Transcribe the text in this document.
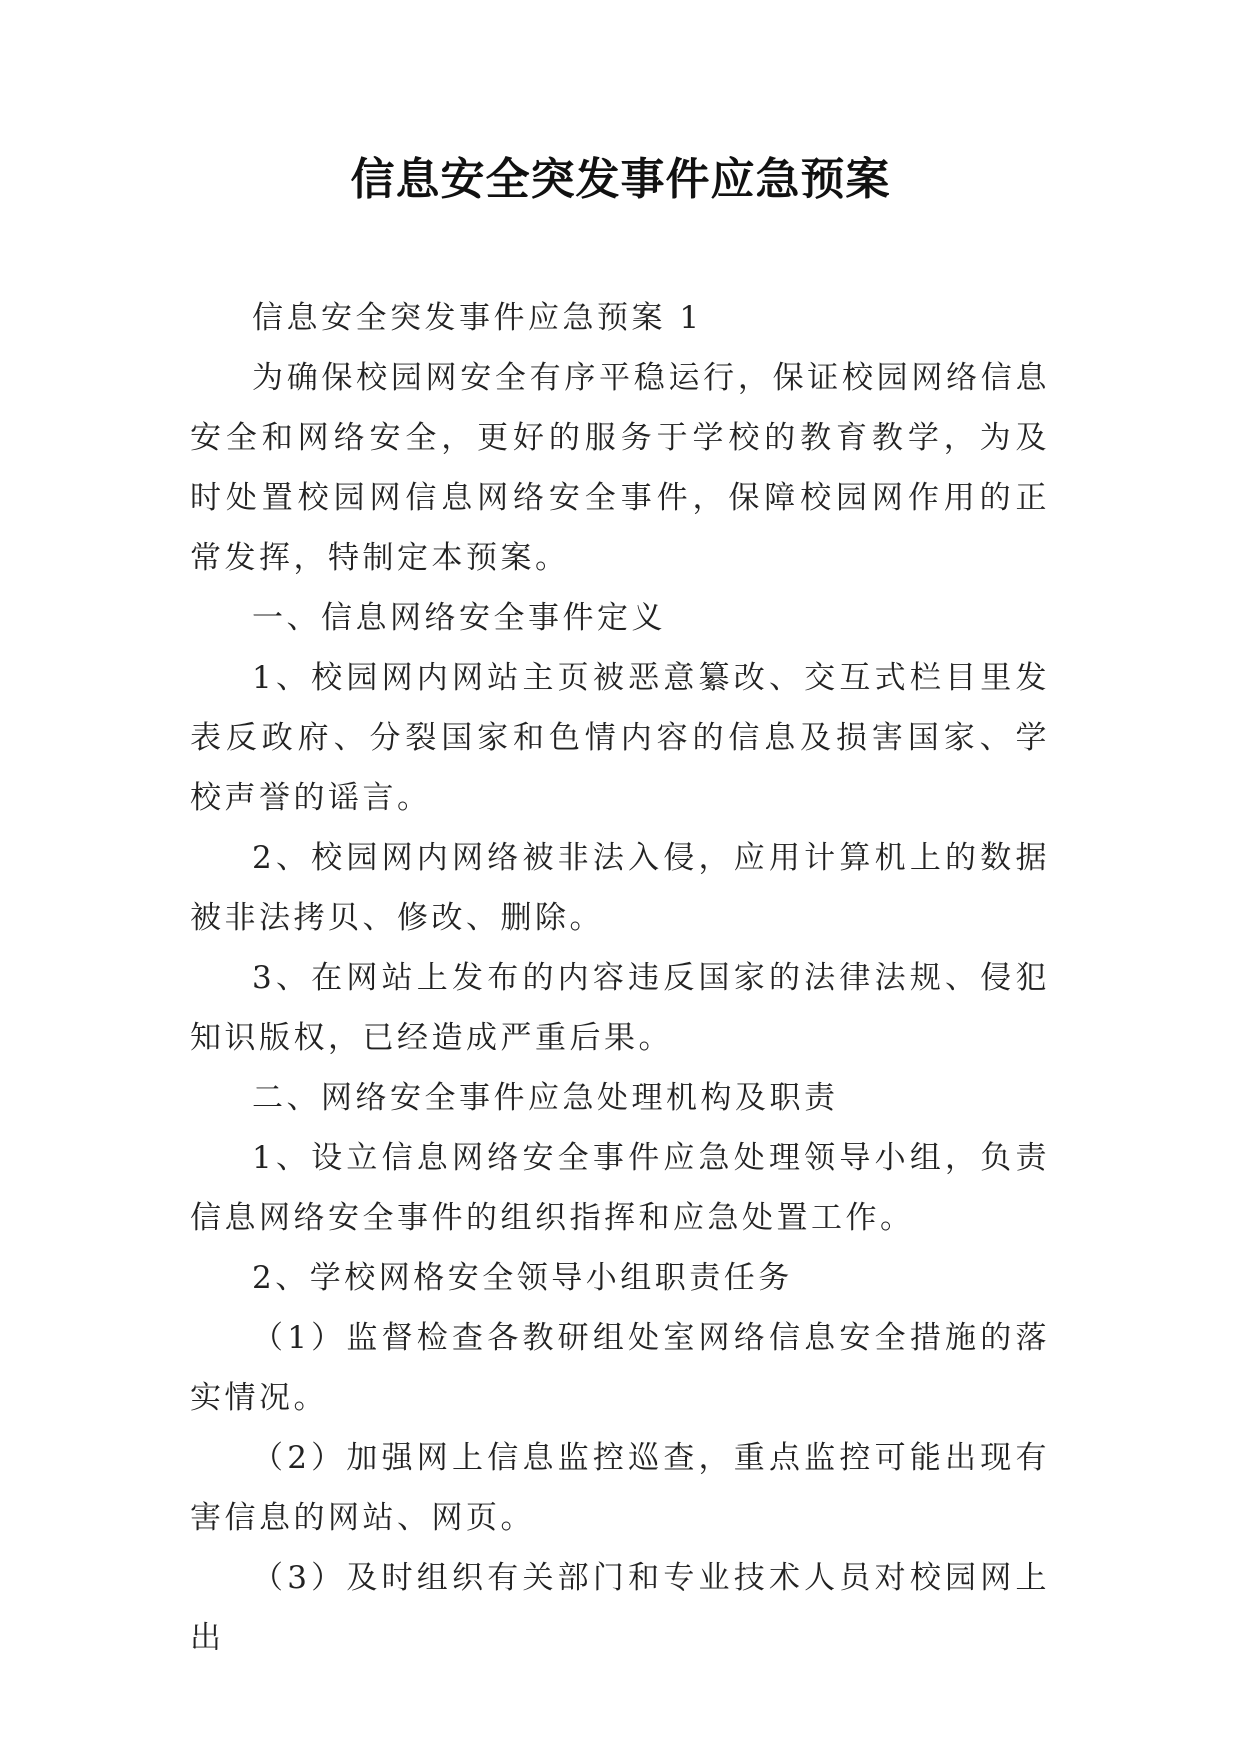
信息安全突发事件应急预案

信息安全突发事件应急预案 1

为确保校园网安全有序平稳运行，保证校园网络信息安全和网络安全，更好的服务于学校的教育教学，为及时处置校园网信息网络安全事件，保障校园网作用的正常发挥，特制定本预案。

一、信息网络安全事件定义

1、校园网内网站主页被恶意纂改、交互式栏目里发表反政府、分裂国家和色情内容的信息及损害国家、学校声誉的谣言。

2、校园网内网络被非法入侵，应用计算机上的数据被非法拷贝、修改、删除。

3、在网站上发布的内容违反国家的法律法规、侵犯知识版权，已经造成严重后果。

二、网络安全事件应急处理机构及职责

1、设立信息网络安全事件应急处理领导小组，负责信息网络安全事件的组织指挥和应急处置工作。

2、学校网格安全领导小组职责任务

（1）监督检查各教研组处室网络信息安全措施的落实情况。

（2）加强网上信息监控巡查，重点监控可能出现有害信息的网站、网页。

（3）及时组织有关部门和专业技术人员对校园网上出
